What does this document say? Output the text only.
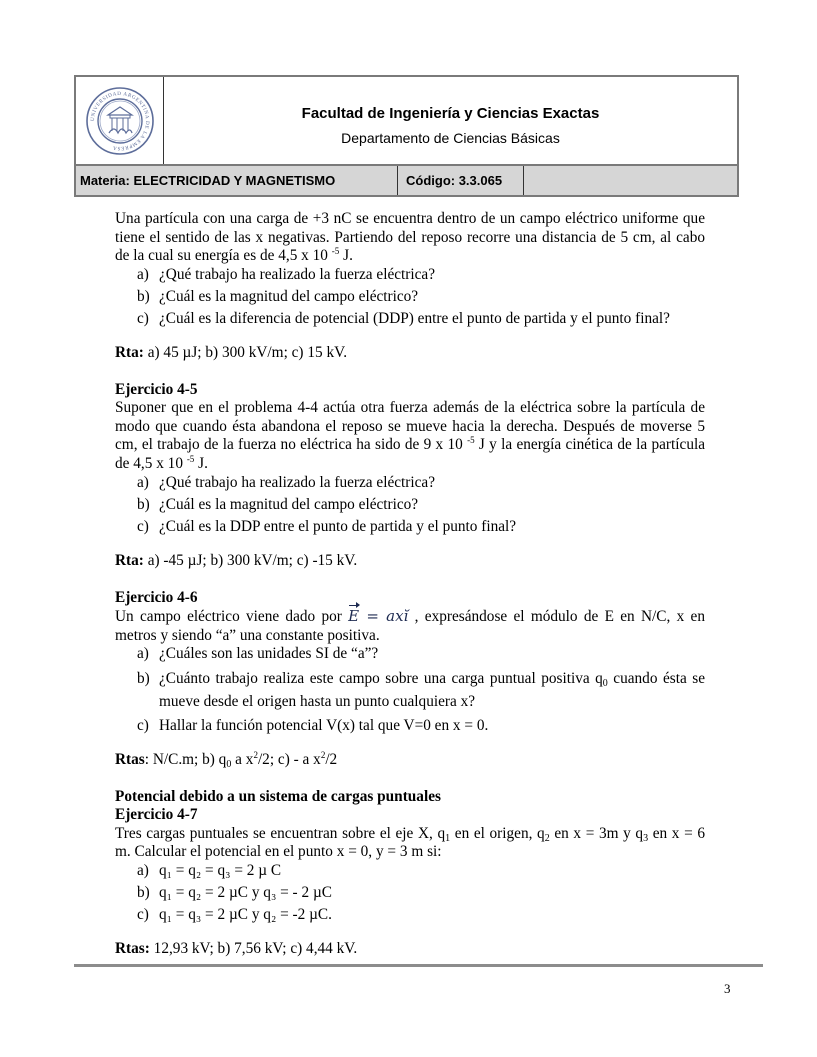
UNIVERSIDAD ARGENTINA DE LA EMPRESA
Facultad de Ingeniería y Ciencias Exactas
Departamento de Ciencias Básicas
Materia: ELECTRICIDAD Y MAGNETISMO	Código: 3.3.065

Una partícula con una carga de +3 nC se encuentra dentro de un campo eléctrico uniforme que tiene el sentido de las x negativas. Partiendo del reposo recorre una distancia de 5 cm, al cabo de la cual su energía es de 4,5 x 10 $^{-5}$ J.

a) ¿Qué trabajo ha realizado la fuerza eléctrica?
b) ¿Cuál es la magnitud del campo eléctrico?
c) ¿Cuál es la diferencia de potencial (DDP) entre el punto de partida y el punto final?

Rta: a) 45 µJ; b) 300 kV/m; c) 15 kV.

Ejercicio 4-5

Suponer que en el problema 4-4 actúa otra fuerza además de la eléctrica sobre la partícula de modo que cuando ésta abandona el reposo se mueve hacia la derecha. Después de moverse 5 cm, el trabajo de la fuerza no eléctrica ha sido de 9 x 10 $^{-5}$ J y la energía cinética de la partícula de 4,5 x 10 $^{-5}$ J.

a) ¿Qué trabajo ha realizado la fuerza eléctrica?
b) ¿Cuál es la magnitud del campo eléctrico?
c) ¿Cuál es la DDP entre el punto de partida y el punto final?

Rta: a) -45 µJ; b) 300 kV/m; c) -15 kV.

Ejercicio 4-6

Un campo eléctrico viene dado por E = axĭ , expresándose el módulo de E en N/C, x en metros y siendo “a” una constante positiva.

a) ¿Cuáles son las unidades SI de “a”?
b) ¿Cuánto trabajo realiza este campo sobre una carga puntual positiva $q_0$ cuando ésta se mueve desde el origen hasta un punto cualquiera x?
c) Hallar la función potencial V(x) tal que V=0 en x = 0.

Rtas: N/C.m; b) $q_0$ a $x^2/2$; c) - a $x^2/2$

Potencial debido a un sistema de cargas puntuales

Ejercicio 4-7

Tres cargas puntuales se encuentran sobre el eje X, $q_1$ en el origen, $q_2$ en x = 3m y $q_3$ en x = 6 m. Calcular el potencial en el punto x = 0, y = 3 m si:

a) q₁ = q₂ = q₃ = 2 µ C
b) q₁ = q₂ = 2 µC y q₃ = - 2 µC
c) q₁ = q₃ = 2 µC y q₂ = -2 µC.

Rtas: 12,93 kV; b) 7,56 kV; c) 4,44 kV.

3
